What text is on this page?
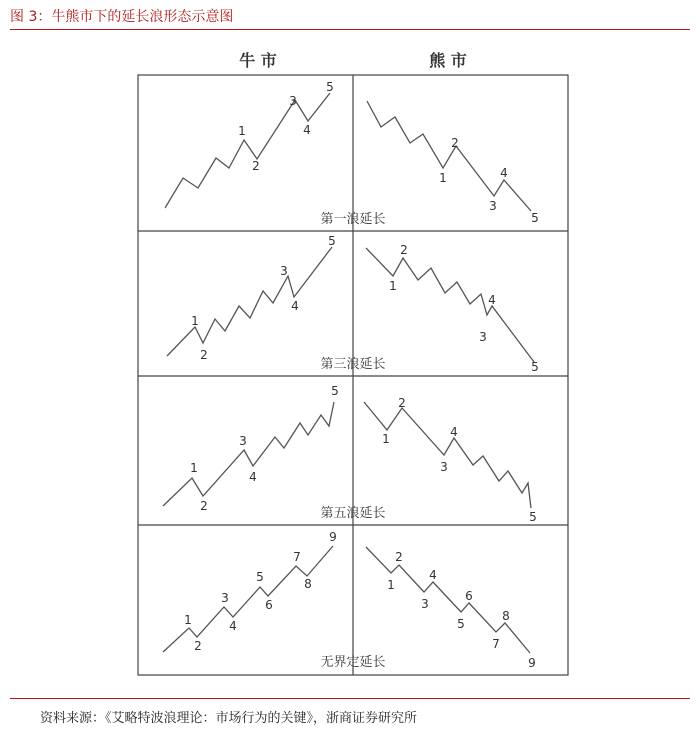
图 3：牛熊市下的延长浪形态示意图
牛 市	熊 市
第一浪延长
第三浪延长
第五浪延长
无界定延长
1
2
3
4
5
1
2
3
4
5
1
2
3
4
5
1
2
3
4
5
1
2
3
4
5
1
2
3
4
5
1
2
3
4
5
6
7
8
9
1
2
3
4
5
6
7
8
9
资料来源：《艾略特波浪理论：市场行为的关键》，浙商证券研究所
